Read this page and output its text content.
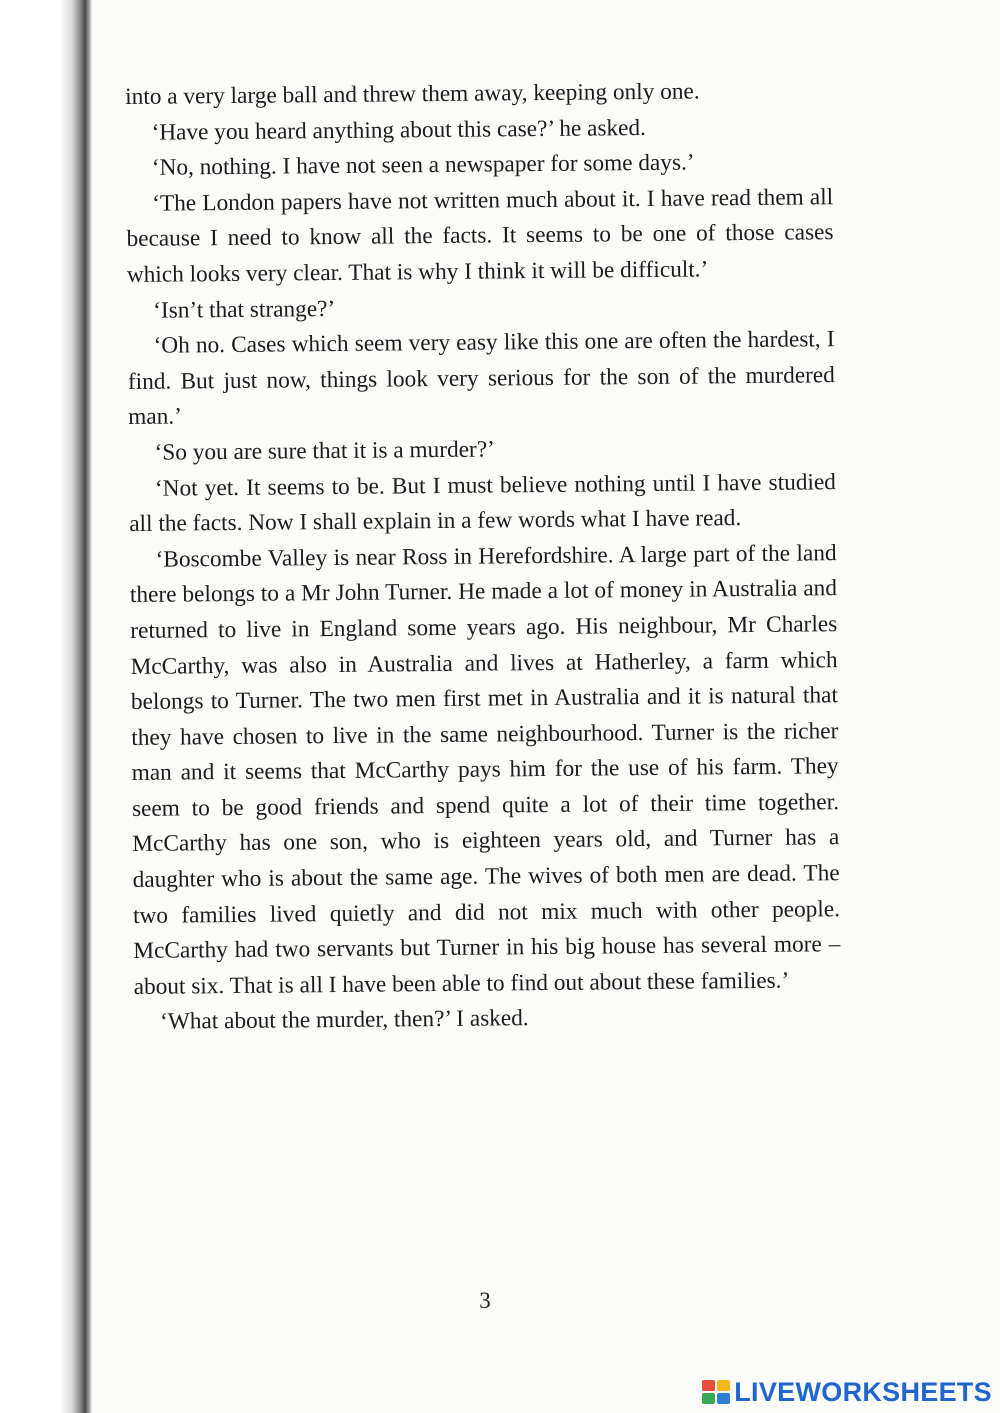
into a very large ball and threw them away, keeping only one.

‘Have you heard anything about this case?’ he asked.

‘No, nothing. I have not seen a newspaper for some days.’

‘The London papers have not written much about it. I have read them all because I need to know all the facts. It seems to be one of those cases which looks very clear. That is why I think it will be difficult.’

‘Isn’t that strange?’

‘Oh no. Cases which seem very easy like this one are often the hardest, I find. But just now, things look very serious for the son of the murdered man.’

‘So you are sure that it is a murder?’

‘Not yet. It seems to be. But I must believe nothing until I have studied all the facts. Now I shall explain in a few words what I have read.

‘Boscombe Valley is near Ross in Herefordshire. A large part of the land there belongs to a Mr John Turner. He made a lot of money in Australia and returned to live in England some years ago. His neighbour, Mr Charles McCarthy, was also in Australia and lives at Hatherley, a farm which belongs to Turner. The two men first met in Australia and it is natural that they have chosen to live in the same neighbourhood. Turner is the richer man and it seems that McCarthy pays him for the use of his farm. They seem to be good friends and spend quite a lot of their time together. McCarthy has one son, who is eighteen years old, and Turner has a daughter who is about the same age. The wives of both men are dead. The two families lived quietly and did not mix much with other people. McCarthy had two servants but Turner in his big house has several more – about six. That is all I have been able to find out about these families.’

‘What about the murder, then?’ I asked.

3
LIVEWORKSHEETS
